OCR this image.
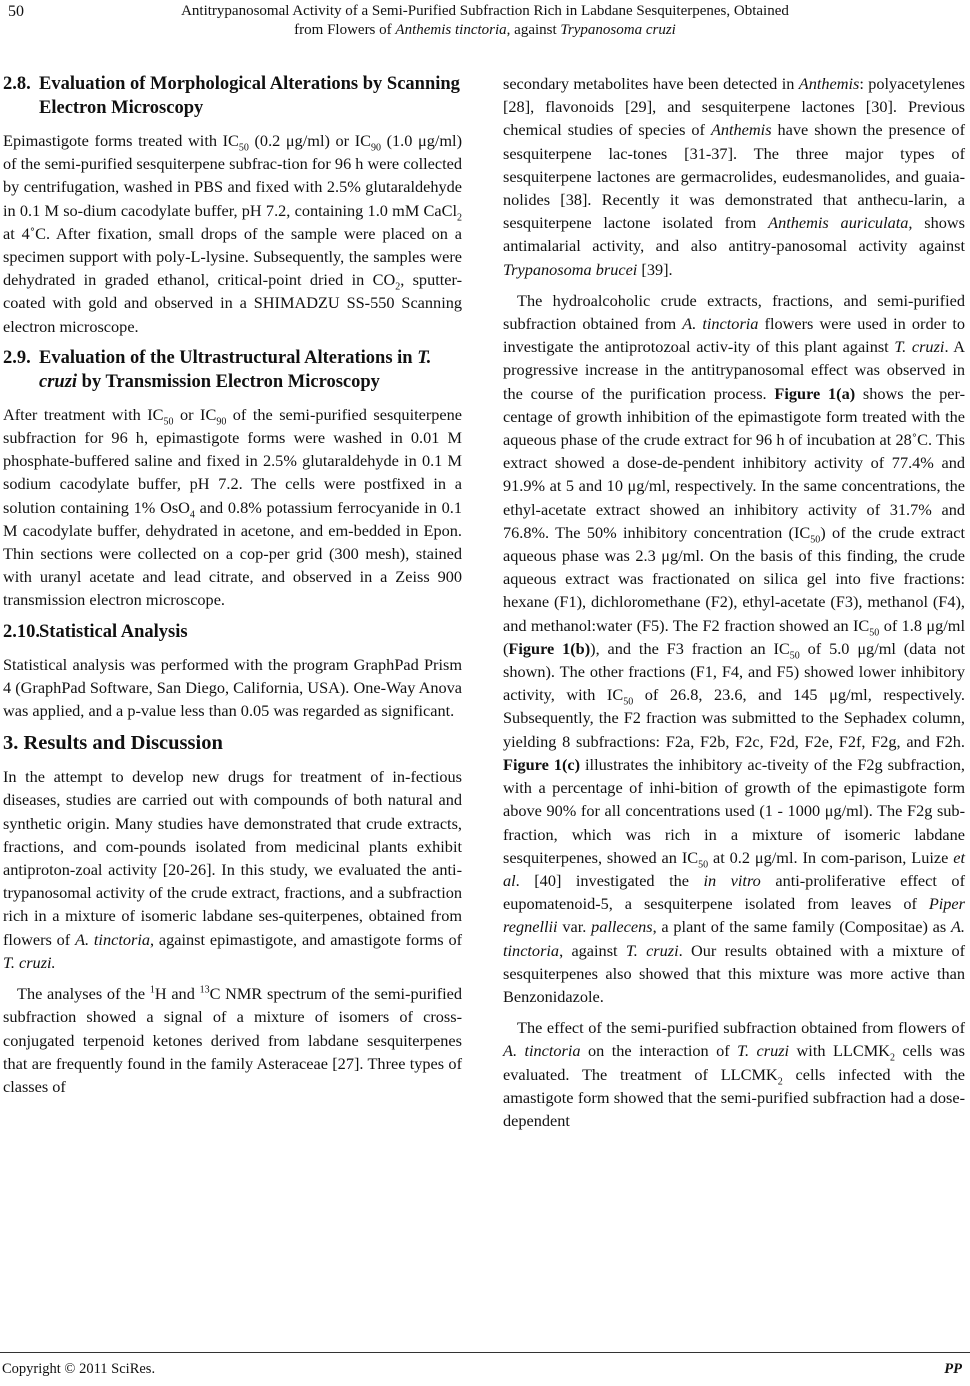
50	Antitrypanosomal Activity of a Semi-Purified Subfraction Rich in Labdane Sesquiterpenes, Obtained
from Flowers of Anthemis tinctoria, against Trypanosoma cruzi
2.8. Evaluation of Morphological Alterations by Scanning Electron Microscopy

Epimastigote forms treated with $IC_{50}$ (0.2 μg/ml) or $IC_{90}$ (1.0 μg/ml) of the semi-purified sesquiterpene subfrac-tion for 96 h were collected by centrifugation, washed in PBS and fixed with 2.5% glutaraldehyde in 0.1 M so-dium cacodylate buffer, pH 7.2, containing 1.0 mM CaCl$_2$ at 4˚C. After fixation, small drops of the sample were placed on a specimen support with poly-L-lysine. Subsequently, the samples were dehydrated in graded ethanol, critical-point dried in $CO_2$, sputter-coated with gold and observed in a SHIMADZU SS-550 Scanning electron microscope.

2.9. Evaluation of the Ultrastructural Alterations in T. cruzi by Transmission Electron Microscopy

After treatment with $IC_{50}$ or $IC_{90}$ of the semi-purified sesquiterpene subfraction for 96 h, epimastigote forms were washed in 0.01 M phosphate-buffered saline and fixed in 2.5% glutaraldehyde in 0.1 M sodium cacodylate buffer, pH 7.2. The cells were postfixed in a solution containing 1% OsO$_4$ and 0.8% potassium ferrocyanide in 0.1 M cacodylate buffer, dehydrated in acetone, and em-bedded in Epon. Thin sections were collected on a cop-per grid (300 mesh), stained with uranyl acetate and lead citrate, and observed in a Zeiss 900 transmission electron microscope.

2.10.Statistical Analysis

Statistical analysis was performed with the program GraphPad Prism 4 (GraphPad Software, San Diego, California, USA). One-Way Anova was applied, and a p-value less than 0.05 was regarded as significant.

3. Results and Discussion

In the attempt to develop new drugs for treatment of in-fectious diseases, studies are carried out with compounds of both natural and synthetic origin. Many studies have demonstrated that crude extracts, fractions, and com-pounds isolated from medicinal plants exhibit antiproton-zoal activity [20-26]. In this study, we evaluated the anti-trypanosomal activity of the crude extract, fractions, and a subfraction rich in a mixture of isomeric labdane ses-quiterpenes, obtained from flowers of A. tinctoria, against epimastigote, and amastigote forms of T. cruzi.

The analyses of the $^1$H and $^{13}$C NMR spectrum of the semi-purified subfraction showed a signal of a mixture of isomers of cross-conjugated terpenoid ketones derived from labdane sesquiterpenes that are frequently found in the family Asteraceae [27]. Three types of classes of

secondary metabolites have been detected in Anthemis: polyacetylenes [28], flavonoids [29], and sesquiterpene lactones [30]. Previous chemical studies of species of Anthemis have shown the presence of sesquiterpene lac-tones [31-37]. The three major types of sesquiterpene lactones are germacrolides, eudesmanolides, and guaia-nolides [38]. Recently it was demonstrated that anthecu-larin, a sesquiterpene lactone isolated from Anthemis auriculata, shows antimalarial activity, and also antitry-panosomal activity against Trypanosoma brucei [39].

The hydroalcoholic crude extracts, fractions, and semi-purified subfraction obtained from A. tinctoria flowers were used in order to investigate the antiprotozoal activ-ity of this plant against T. cruzi. A progressive increase in the antitrypanosomal effect was observed in the course of the purification process. Figure 1(a) shows the per-centage of growth inhibition of the epimastigote form treated with the aqueous phase of the crude extract for 96 h of incubation at 28˚C. This extract showed a dose-de-pendent inhibitory activity of 77.4% and 91.9% at 5 and 10 μg/ml, respectively. In the same concentrations, the ethyl-acetate extract showed an inhibitory activity of 31.7% and 76.8%. The 50% inhibitory concentration $(IC_{50})$ of the crude extract aqueous phase was 2.3 μg/ml. On the basis of this finding, the crude aqueous extract was fractionated on silica gel into five fractions: hexane (F1), dichloromethane (F2), ethyl-acetate (F3), methanol (F4), and methanol:water (F5). The F2 fraction showed an $IC_{50}$ of 1.8 μg/ml (Figure 1(b)), and the F3 fraction an $IC_{50}$ of 5.0 μg/ml (data not shown). The other fractions (F1, F4, and F5) showed lower inhibitory activity, with $IC_{50}$ of 26.8, 23.6, and 145 μg/ml, respectively. Subsequently, the F2 fraction was submitted to the Sephadex column, yielding 8 subfractions: F2a, F2b, F2c, F2d, F2e, F2f, F2g, and F2h. Figure 1(c) illustrates the inhibitory ac-tiveity of the F2g subfraction, with a percentage of inhi-bition of growth of the epimastigote form above 90% for all concentrations used (1 - 1000 μg/ml). The F2g sub-fraction, which was rich in a mixture of isomeric labdane sesquiterpenes, showed an $IC_{50}$ at 0.2 μg/ml. In com-parison, Luize et al. [40] investigated the in vitro anti-proliferative effect of eupomatenoid-5, a sesquiterpene isolated from leaves of Piper regnellii var. pallecens, a plant of the same family (Compositae) as A. tinctoria, against T. cruzi. Our results obtained with a mixture of sesquiterpenes also showed that this mixture was more active than Benzonidazole.

The effect of the semi-purified subfraction obtained from flowers of A. tinctoria on the interaction of T. cruzi with $LLCMK_2$ cells was evaluated. The treatment of $LLCMK_2$ cells infected with the amastigote form showed that the semi-purified subfraction had a dose-dependent

Copyright © 2011 SciRes.	PP
